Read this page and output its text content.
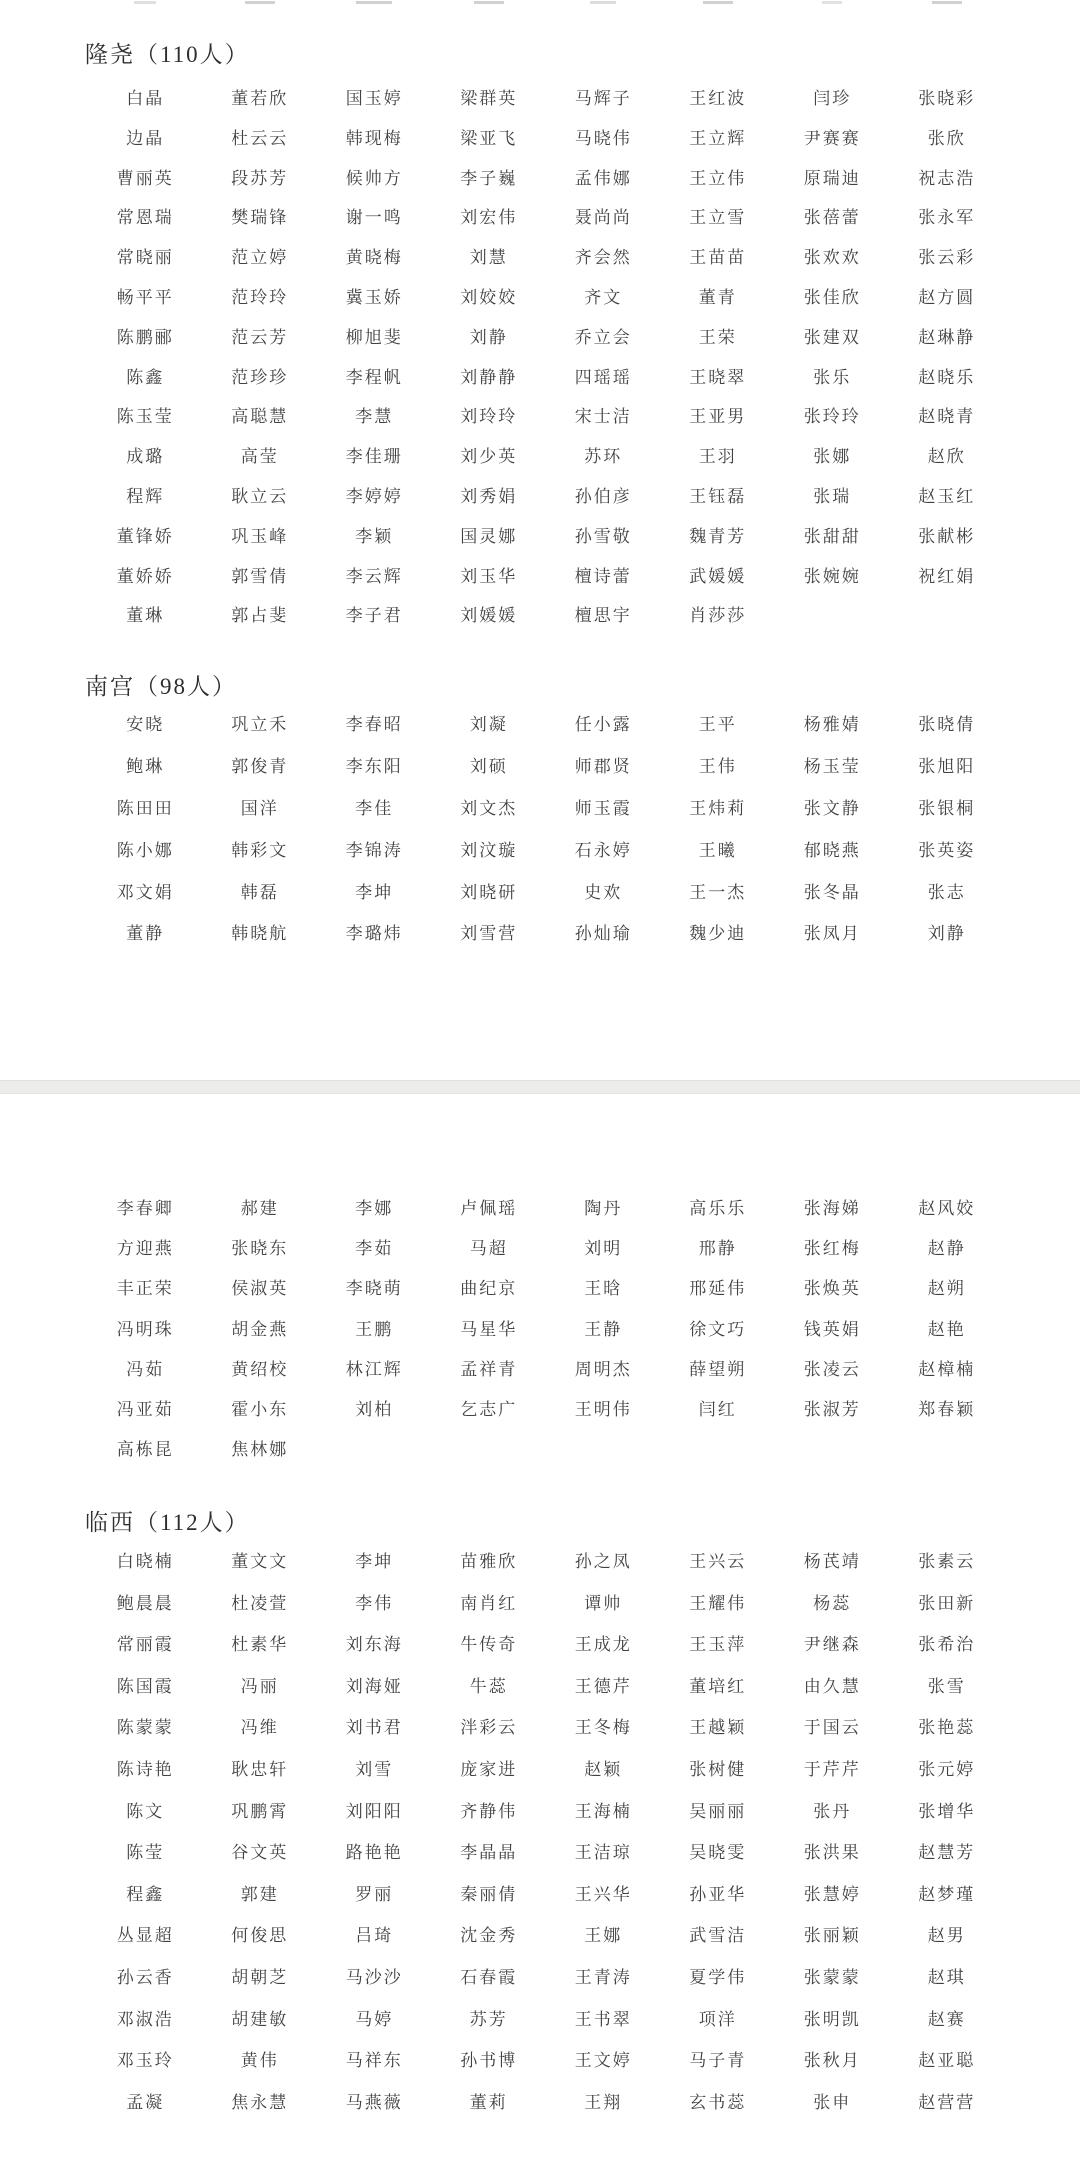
隆尧（110人）
白晶	董若欣	国玉婷	梁群英	马辉子	王红波	闫珍	张晓彩
边晶	杜云云	韩现梅	梁亚飞	马晓伟	王立辉	尹赛赛	张欣
曹丽英	段苏芳	候帅方	李子巍	孟伟娜	王立伟	原瑞迪	祝志浩
常恩瑞	樊瑞锋	谢一鸣	刘宏伟	聂尚尚	王立雪	张蓓蕾	张永军
常晓丽	范立婷	黄晓梅	刘慧	齐会然	王苗苗	张欢欢	张云彩
畅平平	范玲玲	冀玉娇	刘姣姣	齐文	董青	张佳欣	赵方圆
陈鹏郦	范云芳	柳旭斐	刘静	乔立会	王荣	张建双	赵琳静
陈鑫	范珍珍	李程帆	刘静静	四瑶瑶	王晓翠	张乐	赵晓乐
陈玉莹	高聪慧	李慧	刘玲玲	宋士洁	王亚男	张玲玲	赵晓青
成璐	高莹	李佳珊	刘少英	苏环	王羽	张娜	赵欣
程辉	耿立云	李婷婷	刘秀娟	孙伯彦	王钰磊	张瑞	赵玉红
董锋娇	巩玉峰	李颖	国灵娜	孙雪敬	魏青芳	张甜甜	张献彬
董娇娇	郭雪倩	李云辉	刘玉华	檀诗蕾	武媛媛	张婉婉	祝红娟
董琳	郭占斐	李子君	刘媛媛	檀思宇	肖莎莎
南宫（98人）
安晓	巩立禾	李春昭	刘凝	任小露	王平	杨雅婧	张晓倩
鲍琳	郭俊青	李东阳	刘硕	师郡贤	王伟	杨玉莹	张旭阳
陈田田	国洋	李佳	刘文杰	师玉霞	王炜莉	张文静	张银桐
陈小娜	韩彩文	李锦涛	刘汶璇	石永婷	王曦	郁晓燕	张英姿
邓文娟	韩磊	李坤	刘晓研	史欢	王一杰	张冬晶	张志
董静	韩晓航	李璐炜	刘雪营	孙灿瑜	魏少迪	张凤月	刘静
李春卿	郝建	李娜	卢佩瑶	陶丹	高乐乐	张海娣	赵风姣
方迎燕	张晓东	李茹	马超	刘明	邢静	张红梅	赵静
丰正荣	侯淑英	李晓萌	曲纪京	王晗	邢延伟	张焕英	赵朔
冯明珠	胡金燕	王鹏	马星华	王静	徐文巧	钱英娟	赵艳
冯茹	黄绍校	林江辉	孟祥青	周明杰	薛望朔	张凌云	赵樟楠
冯亚茹	霍小东	刘柏	乞志广	王明伟	闫红	张淑芳	郑春颖
高栋昆	焦林娜
临西（112人）
白晓楠	董文文	李坤	苗雅欣	孙之凤	王兴云	杨芪靖	张素云
鲍晨晨	杜凌萱	李伟	南肖红	谭帅	王耀伟	杨蕊	张田新
常丽霞	杜素华	刘东海	牛传奇	王成龙	王玉萍	尹继森	张希治
陈国霞	冯丽	刘海娅	牛蕊	王德芹	董培红	由久慧	张雪
陈蒙蒙	冯维	刘书君	泮彩云	王冬梅	王越颖	于国云	张艳蕊
陈诗艳	耿忠轩	刘雪	庞家进	赵颖	张树健	于芹芹	张元婷
陈文	巩鹏霄	刘阳阳	齐静伟	王海楠	吴丽丽	张丹	张增华
陈莹	谷文英	路艳艳	李晶晶	王洁琼	吴晓雯	张洪果	赵慧芳
程鑫	郭建	罗丽	秦丽倩	王兴华	孙亚华	张慧婷	赵梦瑾
丛显超	何俊思	吕琦	沈金秀	王娜	武雪洁	张丽颖	赵男
孙云香	胡朝芝	马沙沙	石春霞	王青涛	夏学伟	张蒙蒙	赵琪
邓淑浩	胡建敏	马婷	苏芳	王书翠	项洋	张明凯	赵赛
邓玉玲	黄伟	马祥东	孙书博	王文婷	马子青	张秋月	赵亚聪
孟凝	焦永慧	马燕薇	董莉	王翔	玄书蕊	张申	赵营营
